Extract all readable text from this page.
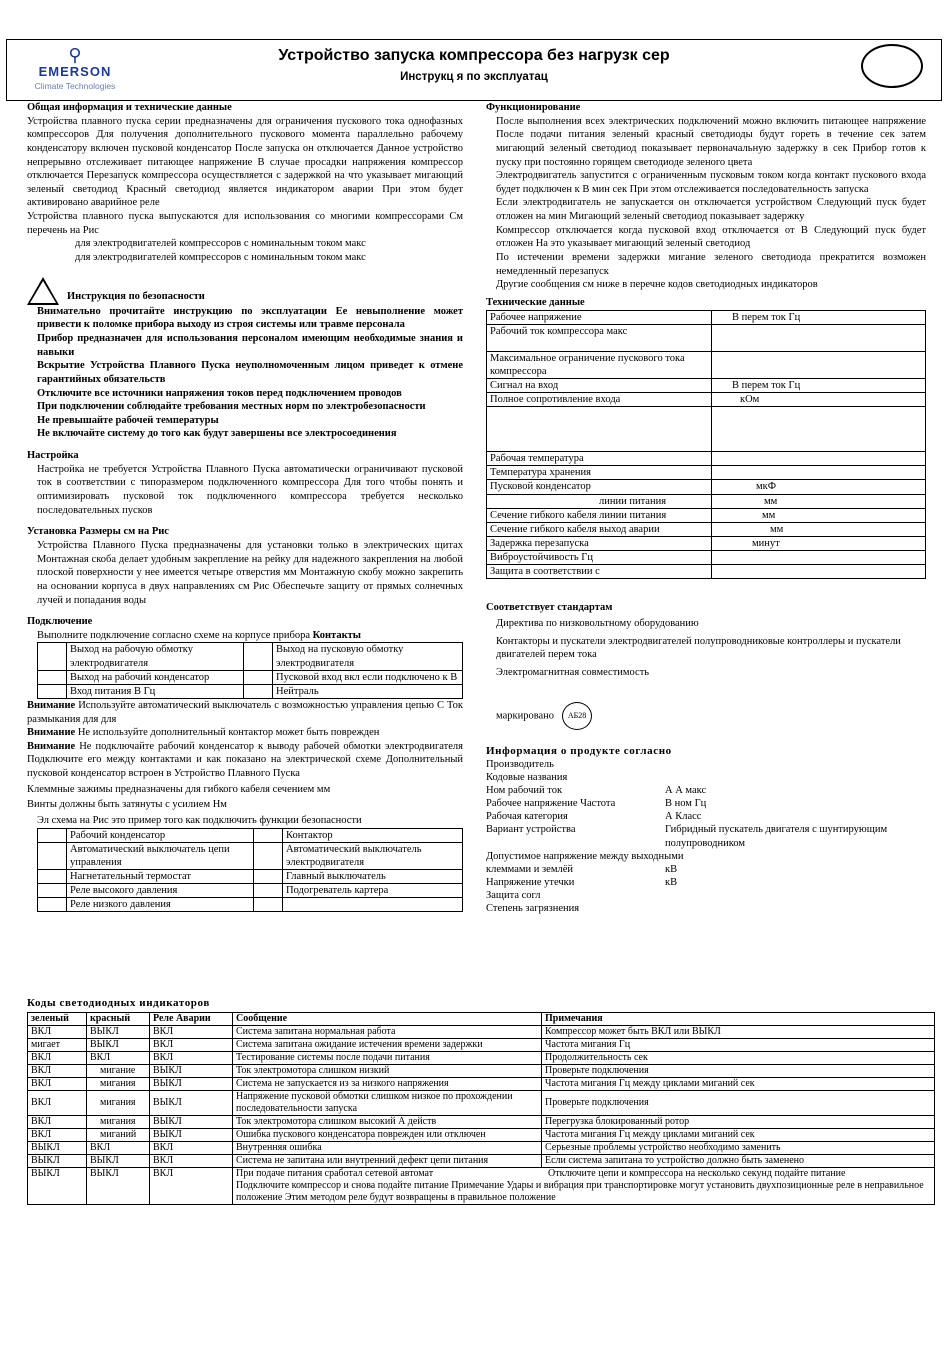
⚲
EMERSON
Climate Technologies
Устройство запуска компрессора без нагрузк сер
Инструкц я по эксплуатац
Общая информация и технические данные

Устройства плавного пуска серии предназначены для ограничения пускового тока однофазных компрессоров Для получения дополнительного пускового момента параллельно рабочему конденсатору включен пусковой конденсатор После запуска он отключается Данное устройство непрерывно отслеживает питающее напряжение В случае просадки напряжения компрессор отключается Перезапуск компрессора осуществляется с задержкой на что указывает мигающий зеленый светодиод Красный светодиод является индикатором аварии При этом будет активировано аварийное реле

Устройства плавного пуска выпускаются для использования со многими компрессорами См перечень на Рис

для электродвигателей компрессоров с номинальным током макс

для электродвигателей компрессоров с номинальным током макс

Инструкция по безопасности

Внимательно прочитайте инструкцию по эксплуатации Ее невыполнение может привести к поломке прибора выходу из строя системы или травме персонала

Прибор предназначен для использования персоналом имеющим необходимые знания и навыки

Вскрытие Устройства Плавного Пуска неуполномоченным лицом приведет к отмене гарантийных обязательств

Отключите все источники напряжения токов перед подключением проводов

При подключении соблюдайте требования местных норм по электробезопасности

Не превышайте рабочей температуры

Не включайте систему до того как будут завершены все электросоединения

Настройка

Настройка не требуется Устройства Плавного Пуска автоматически ограничивают пусковой ток в соответствии с типоразмером подключенного компрессора Для того чтобы понять и оптимизировать пусковой ток подключенного компрессора требуется несколько последовательных пусков

Установка Размеры см на Рис

Устройства Плавного Пуска предназначены для установки только в электрических щитах Монтажная скоба делает удобным закрепление на рейку для надежного закрепления на любой плоской поверхности у нее имеется четыре отверстия мм Монтажную скобу можно закрепить на основании корпуса в двух направлениях см Рис Обеспечьте защиту от прямых солнечных лучей и попадания воды

Подключение

Выполните подключение согласно схеме на корпусе прибора Контакты

	Выход на рабочую обмотку электродвигателя		Выход на пусковую обмотку электродвигателя
	Выход на рабочий конденсатор		Пусковой вход вкл если подключено к В
	Вход питания В Гц		Нейтраль

Внимание Используйте автоматический выключатель с возможностью управления цепью С Ток размыкания для для

Внимание Не используйте дополнительный контактор может быть поврежден

Внимание Не подключайте рабочий конденсатор к выводу рабочей обмотки электродвигателя Подключите его между контактами и как показано на электрической схеме Дополнительный пусковой конденсатор встроен в Устройство Плавного Пуска

Клеммные зажимы предназначены для гибкого кабеля сечением мм

Винты должны быть затянуты с усилием Нм

Эл схема на Рис это пример того как подключить функции безопасности

	Рабочий конденсатор		Контактор
	Автоматический выключатель цепи управления		Автоматический выключатель электродвигателя
	Нагнетательный термостат		Главный выключатель
	Реле высокого давления		Подогреватель картера
	Реле низкого давления		
Функционирование

После выполнения всех электрических подключений можно включить питающее напряжение После подачи питания зеленый красный светодиоды будут гореть в течение сек затем мигающий зеленый светодиод показывает первоначальную задержку в сек Прибор готов к пуску при постоянно горящем светодиоде зеленого цвета

Электродвигатель запустится с ограниченным пусковым током когда контакт пускового входа будет подключен к В мин сек При этом отслеживается последовательность запуска

Если электродвигатель не запускается он отключается устройством Следующий пуск будет отложен на мин Мигающий зеленый светодиод показывает задержку

Компрессор отключается когда пусковой вход отключается от В Следующий пуск будет отложен На это указывает мигающий зеленый светодиод

По истечении времени задержки мигание зеленого светодиода прекратится возможен немедленный перезапуск

Другие сообщения см ниже в перечне кодов светодиодных индикаторов

Технические данные
Рабочее напряжение	В перем ток Гц
Рабочий ток компрессора макс	
Максимальное ограничение пускового тока компрессора	
Сигнал на вход	В перем ток Гц
Полное сопротивление входа	кОм

Рабочая температура	
Температура хранения	
Пусковой конденсатор	мкФ
линии питания	мм
Сечение гибкого кабеля линии питания	мм
Сечение гибкого кабеля выход аварии	мм
Задержка перезапуска	минут
Виброустойчивость Гц	
Защита в соответствии с	
Соответствует стандартам

Директива по низковольтному оборудованию

Контакторы и пускатели электродвигателей полупроводниковые контроллеры и пускатели двигателей перем тока

Электромагнитная совместимость

маркировано АБ28

Информация о продукте согласно
Производитель	
Кодовые названия	
Ном рабочий ток	А А макс
Рабочее напряжение Частота	В ном Гц
Рабочая категория	А Класс
Вариант устройства	Гибридный пускатель двигателя с шунтирующим полупроводником
Допустимое напряжение между выходными	
клеммами и землёй	кВ
Напряжение утечки	кВ
Защита согл	
Степень загрязнения	
Коды светодиодных индикаторов
зеленый	красный	Реле Аварии	Сообщение	Примечания
ВКЛ	ВЫКЛ	ВКЛ	Система запитана нормальная работа	Компрессор может быть ВКЛ или ВЫКЛ
мигает	ВЫКЛ	ВКЛ	Система запитана ожидание истечения времени задержки	Частота мигания Гц
ВКЛ	ВКЛ	ВКЛ	Тестирование системы после подачи питания	Продолжительность сек
ВКЛ	мигание	ВЫКЛ	Ток электромотора слишком низкий	Проверьте подключения
ВКЛ	мигания	ВЫКЛ	Система не запускается из за низкого напряжения	Частота мигания Гц между циклами миганий сек
ВКЛ	мигания	ВЫКЛ	Напряжение пусковой обмотки слишком низкое по прохождении последовательности запуска	Проверьте подключения
ВКЛ	мигания	ВЫКЛ	Ток электромотора слишком высокий А действ	Перегрузка блокированный ротор
ВКЛ	миганий	ВЫКЛ	Ошибка пускового конденсатора поврежден или отключен	Частота мигания Гц между циклами миганий сек
ВЫКЛ	ВКЛ	ВКЛ	Внутренняя ошибка	Серьезные проблемы устройство необходимо заменить
ВЫКЛ	ВЫКЛ	ВКЛ	Система не запитана или внутренний дефект цепи питания	Если система запитана то устройство должно быть заменено
ВЫКЛ	ВЫКЛ	ВКЛ	При подаче питания сработал сетевой автомат Отключите цепи и компрессора на несколько секунд подайте питание
Подключите компрессор и снова подайте питание Примечание Удары и вибрация при транспортировке могут установить двухпозиционные реле в неправильное положение Этим методом реле будут возвращены в правильное положение	
